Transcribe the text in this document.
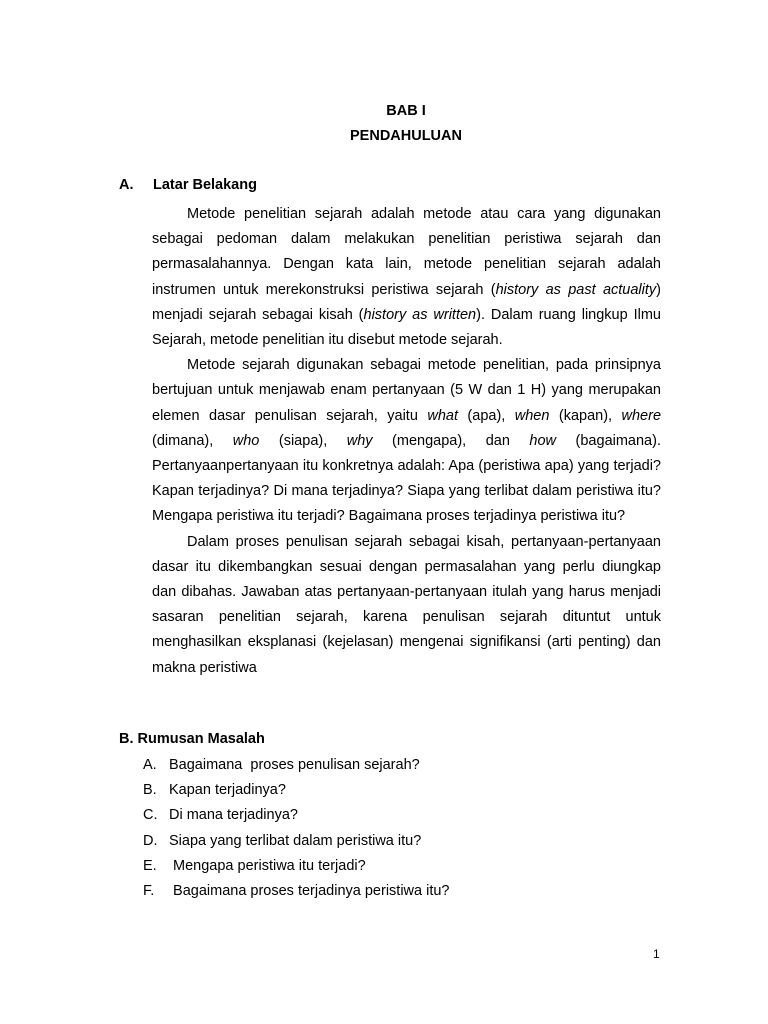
BAB I
PENDAHULUAN
A. Latar Belakang

Metode penelitian sejarah adalah metode atau cara yang digunakan sebagai pedoman dalam melakukan penelitian peristiwa sejarah dan permasalahannya. Dengan kata lain, metode penelitian sejarah adalah instrumen untuk merekonstruksi peristiwa sejarah (history as past actuality) menjadi sejarah sebagai kisah (history as written). Dalam ruang lingkup Ilmu Sejarah, metode penelitian itu disebut metode sejarah.

Metode sejarah digunakan sebagai metode penelitian, pada prinsipnya bertujuan untuk menjawab enam pertanyaan (5 W dan 1 H) yang merupakan elemen dasar penulisan sejarah, yaitu what (apa), when (kapan), where (dimana), who (siapa), why (mengapa), dan how (bagaimana). Pertanyaanpertanyaan itu konkretnya adalah: Apa (peristiwa apa) yang terjadi? Kapan terjadinya? Di mana terjadinya? Siapa yang terlibat dalam peristiwa itu? Mengapa peristiwa itu terjadi? Bagaimana proses terjadinya peristiwa itu?

Dalam proses penulisan sejarah sebagai kisah, pertanyaan-pertanyaan dasar itu dikembangkan sesuai dengan permasalahan yang perlu diungkap dan dibahas. Jawaban atas pertanyaan-pertanyaan itulah yang harus menjadi sasaran penelitian sejarah, karena penulisan sejarah dituntut untuk menghasilkan eksplanasi (kejelasan) mengenai signifikansi (arti penting) dan makna peristiwa

B. Rumusan Masalah
A. Bagaimana  proses penulisan sejarah?
B. Kapan terjadinya?
C. Di mana terjadinya?
D. Siapa yang terlibat dalam peristiwa itu?
E. Mengapa peristiwa itu terjadi?
F. Bagaimana proses terjadinya peristiwa itu?
1
